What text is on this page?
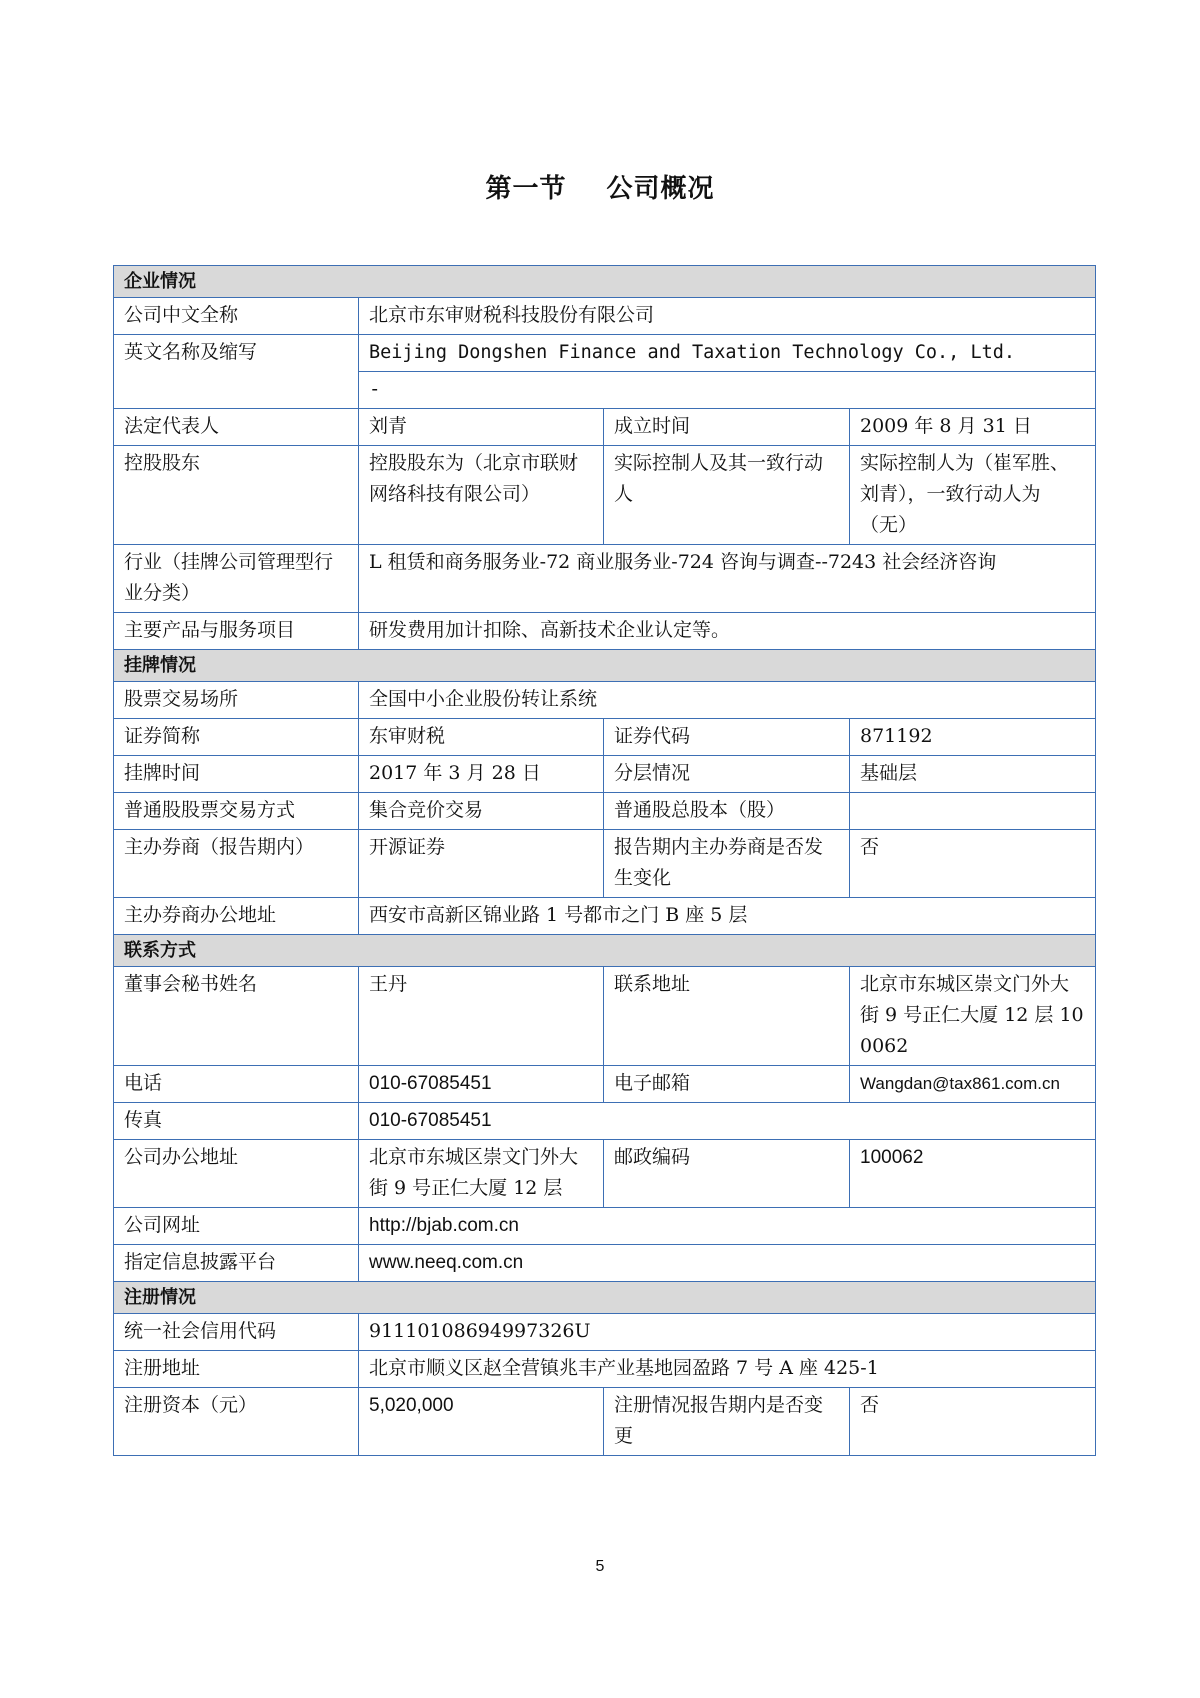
第一节 公司概况
企业情况			
公司中文全称	北京市东审财税科技股份有限公司		
英文名称及缩写	Beijing Dongshen Finance and Taxation Technology Co., Ltd.		
	-		
法定代表人	刘青	成立时间	2009 年 8 月 31 日
控股股东	控股股东为（北京市联财网络科技有限公司）	实际控制人及其一致行动人	实际控制人为（崔军胜、刘青），一致行动人为（无）
行业（挂牌公司管理型行业分类）	L 租赁和商务服务业-72 商业服务业-724 咨询与调查--7243 社会经济咨询		
主要产品与服务项目	研发费用加计扣除、高新技术企业认定等。		
挂牌情况			
股票交易场所	全国中小企业股份转让系统		
证券简称	东审财税	证券代码	871192
挂牌时间	2017 年 3 月 28 日	分层情况	基础层
普通股股票交易方式	集合竞价交易	普通股总股本（股）	
主办券商（报告期内）	开源证券	报告期内主办券商是否发生变化	否
主办券商办公地址	西安市高新区锦业路 1 号都市之门 B 座 5 层		
联系方式			
董事会秘书姓名	王丹	联系地址	北京市东城区崇文门外大街 9 号正仁大厦 12 层 100062
电话	010-67085451	电子邮箱	Wangdan@tax861.com.cn
传真	010-67085451		
公司办公地址	北京市东城区崇文门外大街 9 号正仁大厦 12 层	邮政编码	100062
公司网址	http://bjab.com.cn		
指定信息披露平台	www.neeq.com.cn		
注册情况			
统一社会信用代码	91110108694997326U		
注册地址	北京市顺义区赵全营镇兆丰产业基地园盈路 7 号 A 座 425-1		
注册资本（元）	5,020,000	注册情况报告期内是否变更	否
5
